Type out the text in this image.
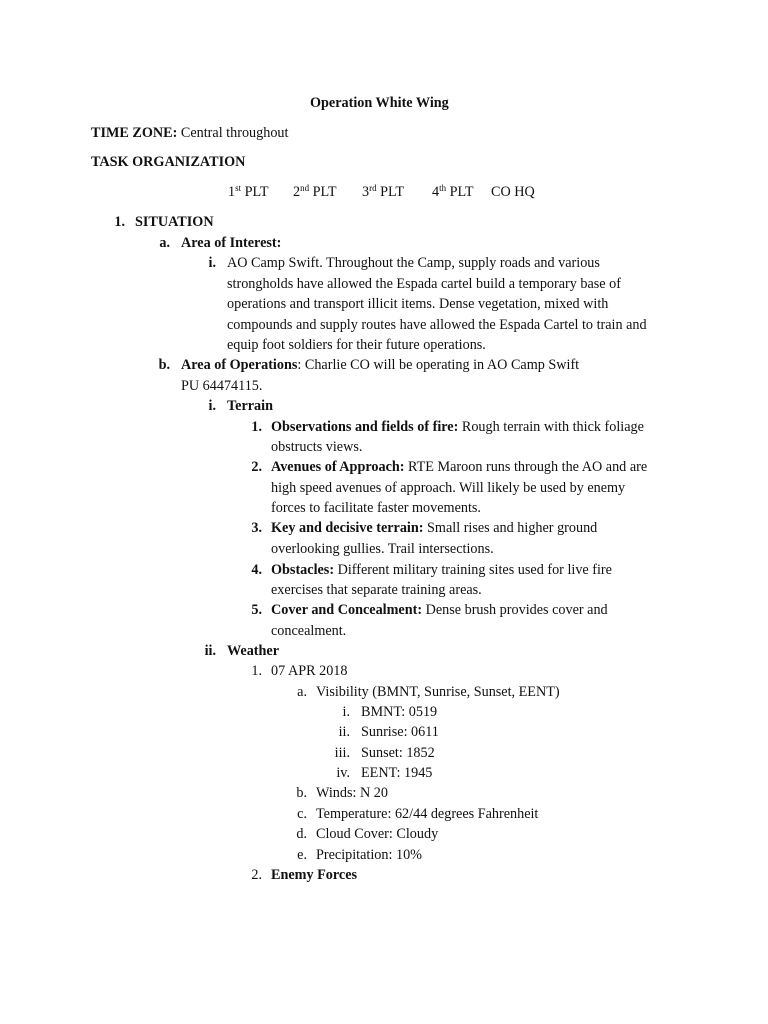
Operation White Wing
TIME ZONE: Central throughout
TASK ORGANIZATION
1st PLT 2nd PLT 3rd PLT 4th PLT CO HQ
1. SITUATION
a. Area of Interest:
i. AO Camp Swift. Throughout the Camp, supply roads and various
strongholds have allowed the Espada cartel build a temporary base of
operations and transport illicit items. Dense vegetation, mixed with
compounds and supply routes have allowed the Espada Cartel to train and
equip foot soldiers for their future operations.
b. Area of Operations: Charlie CO will be operating in AO Camp Swift
PU 64474115.
i. Terrain
1. Observations and fields of fire: Rough terrain with thick foliage
obstructs views.
2. Avenues of Approach: RTE Maroon runs through the AO and are
high speed avenues of approach. Will likely be used by enemy
forces to facilitate faster movements.
3. Key and decisive terrain: Small rises and higher ground
overlooking gullies. Trail intersections.
4. Obstacles: Different military training sites used for live fire
exercises that separate training areas.
5. Cover and Concealment: Dense brush provides cover and
concealment.
ii. Weather
1. 07 APR 2018
a. Visibility (BMNT, Sunrise, Sunset, EENT)
i. BMNT: 0519
ii. Sunrise: 0611
iii. Sunset: 1852
iv. EENT: 1945
b. Winds: N 20
c. Temperature: 62/44 degrees Fahrenheit
d. Cloud Cover: Cloudy
e. Precipitation: 10%
2. Enemy Forces
